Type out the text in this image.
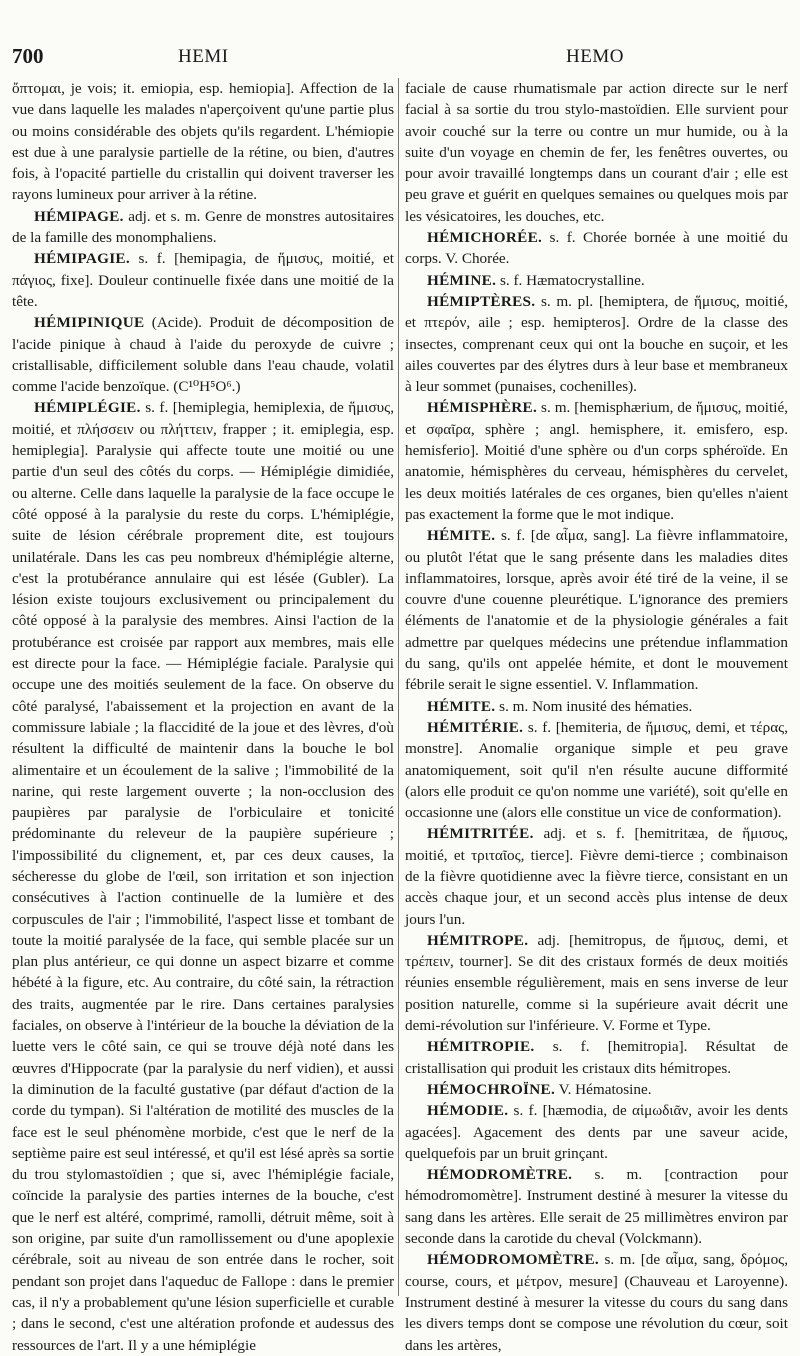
700	HEMI	HEMO

ὄπτομαι, je vois; it. emiopia, esp. hemiopia]. Affection de la vue dans laquelle les malades n'aperçoivent qu'une partie plus ou moins considérable des objets qu'ils regardent. L'hémiopie est due à une paralysie partielle de la rétine, ou bien, d'autres fois, à l'opacité partielle du cristallin qui doivent traverser les rayons lumineux pour arriver à la rétine.

HÉMIPAGE. adj. et s. m. Genre de monstres autositaires de la famille des monomphaliens.

HÉMIPAGIE. s. f. [hemipagia, de ἥμισυς, moitié, et πάγιος, fixe]. Douleur continuelle fixée dans une moitié de la tête.

HÉMIPINIQUE (Acide). Produit de décomposition de l'acide pinique à chaud à l'aide du peroxyde de cuivre ; cristallisable, difficilement soluble dans l'eau chaude, volatil comme l'acide benzoïque. (C¹⁰H⁵O⁶.)

HÉMIPLÉGIE. s. f. [hemiplegia, hemiplexia, de ἥμισυς, moitié, et πλήσσειν ou πλήττειν, frapper ; it. emiplegia, esp. hemiplegia]. Paralysie qui affecte toute une moitié ou une partie d'un seul des côtés du corps. — Hémiplégie dimidiée, ou alterne. Celle dans laquelle la paralysie de la face occupe le côté opposé à la paralysie du reste du corps. L'hémiplégie, suite de lésion cérébrale proprement dite, est toujours unilatérale. Dans les cas peu nombreux d'hémiplégie alterne, c'est la protubérance annulaire qui est lésée (Gubler). La lésion existe toujours exclusivement ou principalement du côté opposé à la paralysie des membres. Ainsi l'action de la protubérance est croisée par rapport aux membres, mais elle est directe pour la face. — Hémiplégie faciale. Paralysie qui occupe une des moitiés seulement de la face. On observe du côté paralysé, l'abaissement et la projection en avant de la commissure labiale ; la flaccidité de la joue et des lèvres, d'où résultent la difficulté de maintenir dans la bouche le bol alimentaire et un écoulement de la salive ; l'immobilité de la narine, qui reste largement ouverte ; la non-occlusion des paupières par paralysie de l'orbiculaire et tonicité prédominante du releveur de la paupière supérieure ; l'impossibilité du clignement, et, par ces deux causes, la sécheresse du globe de l'œil, son irritation et son injection consécutives à l'action continuelle de la lumière et des corpuscules de l'air ; l'immobilité, l'aspect lisse et tombant de toute la moitié paralysée de la face, qui semble placée sur un plan plus antérieur, ce qui donne un aspect bizarre et comme hébété à la figure, etc. Au contraire, du côté sain, la rétraction des traits, augmentée par le rire. Dans certaines paralysies faciales, on observe à l'intérieur de la bouche la déviation de la luette vers le côté sain, ce qui se trouve déjà noté dans les œuvres d'Hippocrate (par la paralysie du nerf vidien), et aussi la diminution de la faculté gustative (par défaut d'action de la corde du tympan). Si l'altération de motilité des muscles de la face est le seul phénomène morbide, c'est que le nerf de la septième paire est seul intéressé, et qu'il est lésé après sa sortie du trou stylomastoïdien ; que si, avec l'hémiplégie faciale, coïncide la paralysie des parties internes de la bouche, c'est que le nerf est altéré, comprimé, ramolli, détruit même, soit à son origine, par suite d'un ramollissement ou d'une apoplexie cérébrale, soit au niveau de son entrée dans le rocher, soit pendant son projet dans l'aqueduc de Fallope : dans le premier cas, il n'y a probablement qu'une lésion superficielle et curable ; dans le second, c'est une altération profonde et audessus des ressources de l'art. Il y a une hémiplégie

faciale de cause rhumatismale par action directe sur le nerf facial à sa sortie du trou stylo-mastoïdien. Elle survient pour avoir couché sur la terre ou contre un mur humide, ou à la suite d'un voyage en chemin de fer, les fenêtres ouvertes, ou pour avoir travaillé longtemps dans un courant d'air ; elle est peu grave et guérit en quelques semaines ou quelques mois par les vésicatoires, les douches, etc.

HÉMICHORÉE. s. f. Chorée bornée à une moitié du corps. V. Chorée.

HÉMINE. s. f. Hæmatocrystalline.

HÉMIPTÈRES. s. m. pl. [hemiptera, de ἥμισυς, moitié, et πτερόν, aile ; esp. hemipteros]. Ordre de la classe des insectes, comprenant ceux qui ont la bouche en suçoir, et les ailes couvertes par des élytres durs à leur base et membraneux à leur sommet (punaises, cochenilles).

HÉMISPHÈRE. s. m. [hemisphærium, de ἥμισυς, moitié, et σφαῖρα, sphère ; angl. hemisphere, it. emisfero, esp. hemisferio]. Moitié d'une sphère ou d'un corps sphéroïde. En anatomie, hémisphères du cerveau, hémisphères du cervelet, les deux moitiés latérales de ces organes, bien qu'elles n'aient pas exactement la forme que le mot indique.

HÉMITE. s. f. [de αἷμα, sang]. La fièvre inflammatoire, ou plutôt l'état que le sang présente dans les maladies dites inflammatoires, lorsque, après avoir été tiré de la veine, il se couvre d'une couenne pleurétique. L'ignorance des premiers éléments de l'anatomie et de la physiologie générales a fait admettre par quelques médecins une prétendue inflammation du sang, qu'ils ont appelée hémite, et dont le mouvement fébrile serait le signe essentiel. V. Inflammation.

HÉMITE. s. m. Nom inusité des hématies.

HÉMITÉRIE. s. f. [hemiteria, de ἥμισυς, demi, et τέρας, monstre]. Anomalie organique simple et peu grave anatomiquement, soit qu'il n'en résulte aucune difformité (alors elle produit ce qu'on nomme une variété), soit qu'elle en occasionne une (alors elle constitue un vice de conformation).

HÉMITRITÉE. adj. et s. f. [hemitritæa, de ἥμισυς, moitié, et τριταῖος, tierce]. Fièvre demi-tierce ; combinaison de la fièvre quotidienne avec la fièvre tierce, consistant en un accès chaque jour, et un second accès plus intense de deux jours l'un.

HÉMITROPE. adj. [hemitropus, de ἥμισυς, demi, et τρέπειν, tourner]. Se dit des cristaux formés de deux moitiés réunies ensemble régulièrement, mais en sens inverse de leur position naturelle, comme si la supérieure avait décrit une demi-révolution sur l'inférieure. V. Forme et Type.

HÉMITROPIE. s. f. [hemitropia]. Résultat de cristallisation qui produit les cristaux dits hémitropes.

HÉMOCHROÏNE. V. Hématosine.

HÉMODIE. s. f. [hæmodia, de αἱμωδιᾶν, avoir les dents agacées]. Agacement des dents par une saveur acide, quelquefois par un bruit grinçant.

HÉMODROMÈTRE. s. m. [contraction pour hémodromomètre]. Instrument destiné à mesurer la vitesse du sang dans les artères. Elle serait de 25 millimètres environ par seconde dans la carotide du cheval (Volckmann).

HÉMODROMOMÈTRE. s. m. [de αἷμα, sang, δρόμος, course, cours, et μέτρον, mesure] (Chauveau et Laroyenne). Instrument destiné à mesurer la vitesse du cours du sang dans les divers temps dont se compose une révolution du cœur, soit dans les artères,
